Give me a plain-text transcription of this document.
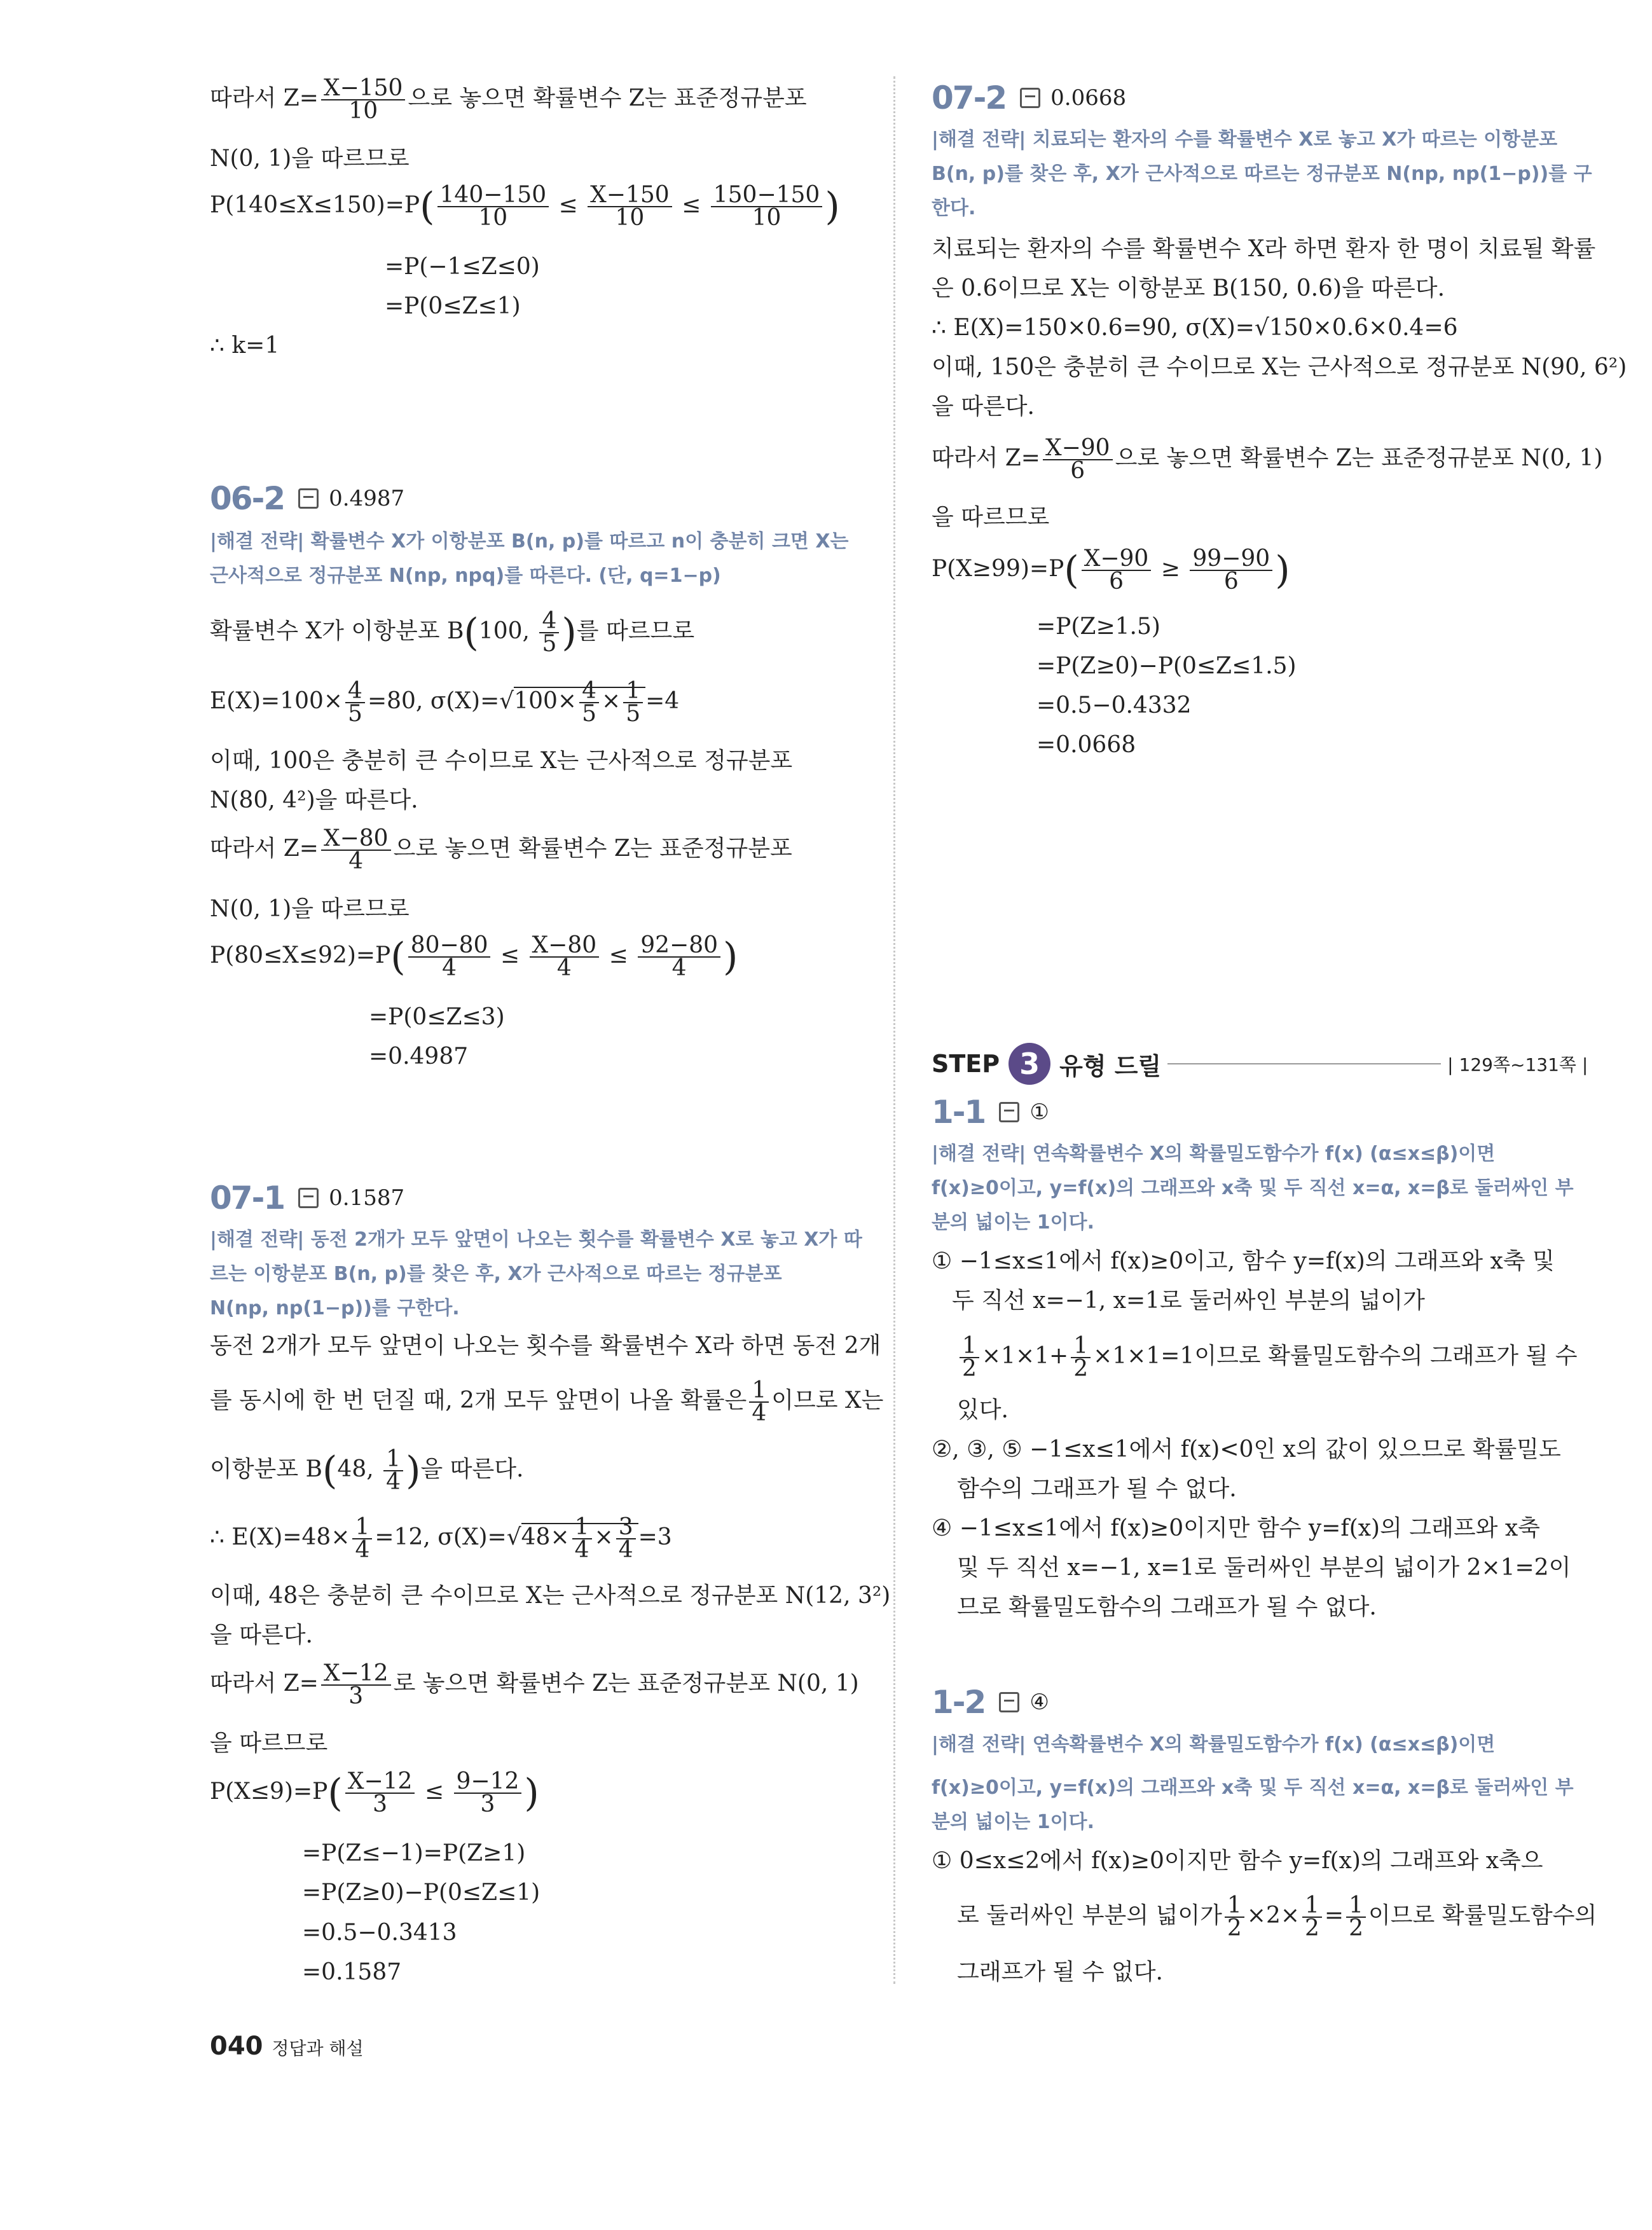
따라서 $Z= \frac{X-150}{10}$ 으로 놓으면 확률변수 Z는 표준정규분포
N(0, 1)을 따르므로
$P(140\le X\le 150)=P( \frac{140-150}{10} \le \frac{X-150}{10} \le \frac{150-150}{10}$ )
=P(−1≤Z≤0)
=P(0≤Z≤1)
∴ k=1
06-2 0.4987
|해결 전략| 확률변수 X가 이항분포 B(n, p)를 따르고 n이 충분히 크면 X는
근사적으로 정규분포 N(np, npq)를 따른다. (단, q=1−p)
확률변수 X가 이항분포 B(100, $\frac{4}{5}$ )를 따르므로
$E(X)=100\times \frac{4}{5} =80$, $\sigma(X)=√100\times \frac{4}{5} \times \frac{1}{5} =4$
이때, 100은 충분히 큰 수이므로 X는 근사적으로 정규분포
N(80, 4²)을 따른다.
따라서 $Z= \frac{X-80}{4}$ 으로 놓으면 확률변수 Z는 표준정규분포
N(0, 1)을 따르므로
$P(80\le X\le 92)=P( \frac{80-80}{4} \le \frac{X-80}{4} \le \frac{92-80}{4}$ )
=P(0≤Z≤3)
=0.4987
07-1 0.1587
|해결 전략| 동전 2개가 모두 앞면이 나오는 횟수를 확률변수 X로 놓고 X가 따
르는 이항분포 B(n, p)를 찾은 후, X가 근사적으로 따르는 정규분포
N(np, np(1−p))를 구한다.
동전 2개가 모두 앞면이 나오는 횟수를 확률변수 X라 하면 동전 2개
를 동시에 한 번 던질 때, 2개 모두 앞면이 나올 확률은 $\frac{1}{4}$ 이므로 X는
이항분포 B(48, $\frac{1}{4}$ )을 따른다.
∴ $E(X)=48\times \frac{1}{4} =12$, $\sigma(X)=√48\times \frac{1}{4} \times \frac{3}{4} =3$
이때, 48은 충분히 큰 수이므로 X는 근사적으로 정규분포 N(12, 3²)
을 따른다.
따라서 $Z= \frac{X-12}{3}$ 로 놓으면 확률변수 Z는 표준정규분포 N(0, 1)
을 따르므로
$P(X\le 9)=P( \frac{X-12}{3} \le \frac{9-12}{3}$ )
=P(Z≤−1)=P(Z≥1)
=P(Z≥0)−P(0≤Z≤1)
=0.5−0.3413
=0.1587
07-2 0.0668
|해결 전략| 치료되는 환자의 수를 확률변수 X로 놓고 X가 따르는 이항분포
B(n, p)를 찾은 후, X가 근사적으로 따르는 정규분포 N(np, np(1−p))를 구
한다.
치료되는 환자의 수를 확률변수 X라 하면 환자 한 명이 치료될 확률
은 0.6이므로 X는 이항분포 B(150, 0.6)을 따른다.
∴ E(X)=150×0.6=90, σ(X)=√150×0.6×0.4=6
이때, 150은 충분히 큰 수이므로 X는 근사적으로 정규분포 N(90, 6²)
을 따른다.
따라서 $Z= \frac{X-90}{6}$ 으로 놓으면 확률변수 Z는 표준정규분포 N(0, 1)
을 따르므로
$P(X\ge 99)=P( \frac{X-90}{6} \ge \frac{99-90}{6}$ )
=P(Z≥1.5)
=P(Z≥0)−P(0≤Z≤1.5)
=0.5−0.4332
=0.0668
STEP 3 유형 드릴	| 129쪽~131쪽 |
1-1 ①
|해결 전략| 연속확률변수 X의 확률밀도함수가 f(x) (α≤x≤β)이면
f(x)≥0이고, y=f(x)의 그래프와 x축 및 두 직선 x=α, x=β로 둘러싸인 부
분의 넓이는 1이다.
① −1≤x≤1에서 f(x)≥0이고, 함수 y=f(x)의 그래프와 x축 및
두 직선 x=−1, x=1로 둘러싸인 부분의 넓이가
$\frac{1}{2} \times 1\times 1+ \frac{1}{2} \times 1\times 1=1$이므로 확률밀도함수의 그래프가 될 수
있다.
②, ③, ⑤ −1≤x≤1에서 f(x)<0인 x의 값이 있으므로 확률밀도
함수의 그래프가 될 수 없다.
④ −1≤x≤1에서 f(x)≥0이지만 함수 y=f(x)의 그래프와 x축
및 두 직선 x=−1, x=1로 둘러싸인 부분의 넓이가 2×1=2이
므로 확률밀도함수의 그래프가 될 수 없다.
1-2 ④
|해결 전략| 연속확률변수 X의 확률밀도함수가 f(x) (α≤x≤β)이면
f(x)≥0이고, y=f(x)의 그래프와 x축 및 두 직선 x=α, x=β로 둘러싸인 부
분의 넓이는 1이다.
① 0≤x≤2에서 f(x)≥0이지만 함수 y=f(x)의 그래프와 x축으
로 둘러싸인 부분의 넓이가 $\frac{1}{2} \times 2\times \frac{1}{2} = \frac{1}{2}$ 이므로 확률밀도함수의
그래프가 될 수 없다.
040 정답과 해설
